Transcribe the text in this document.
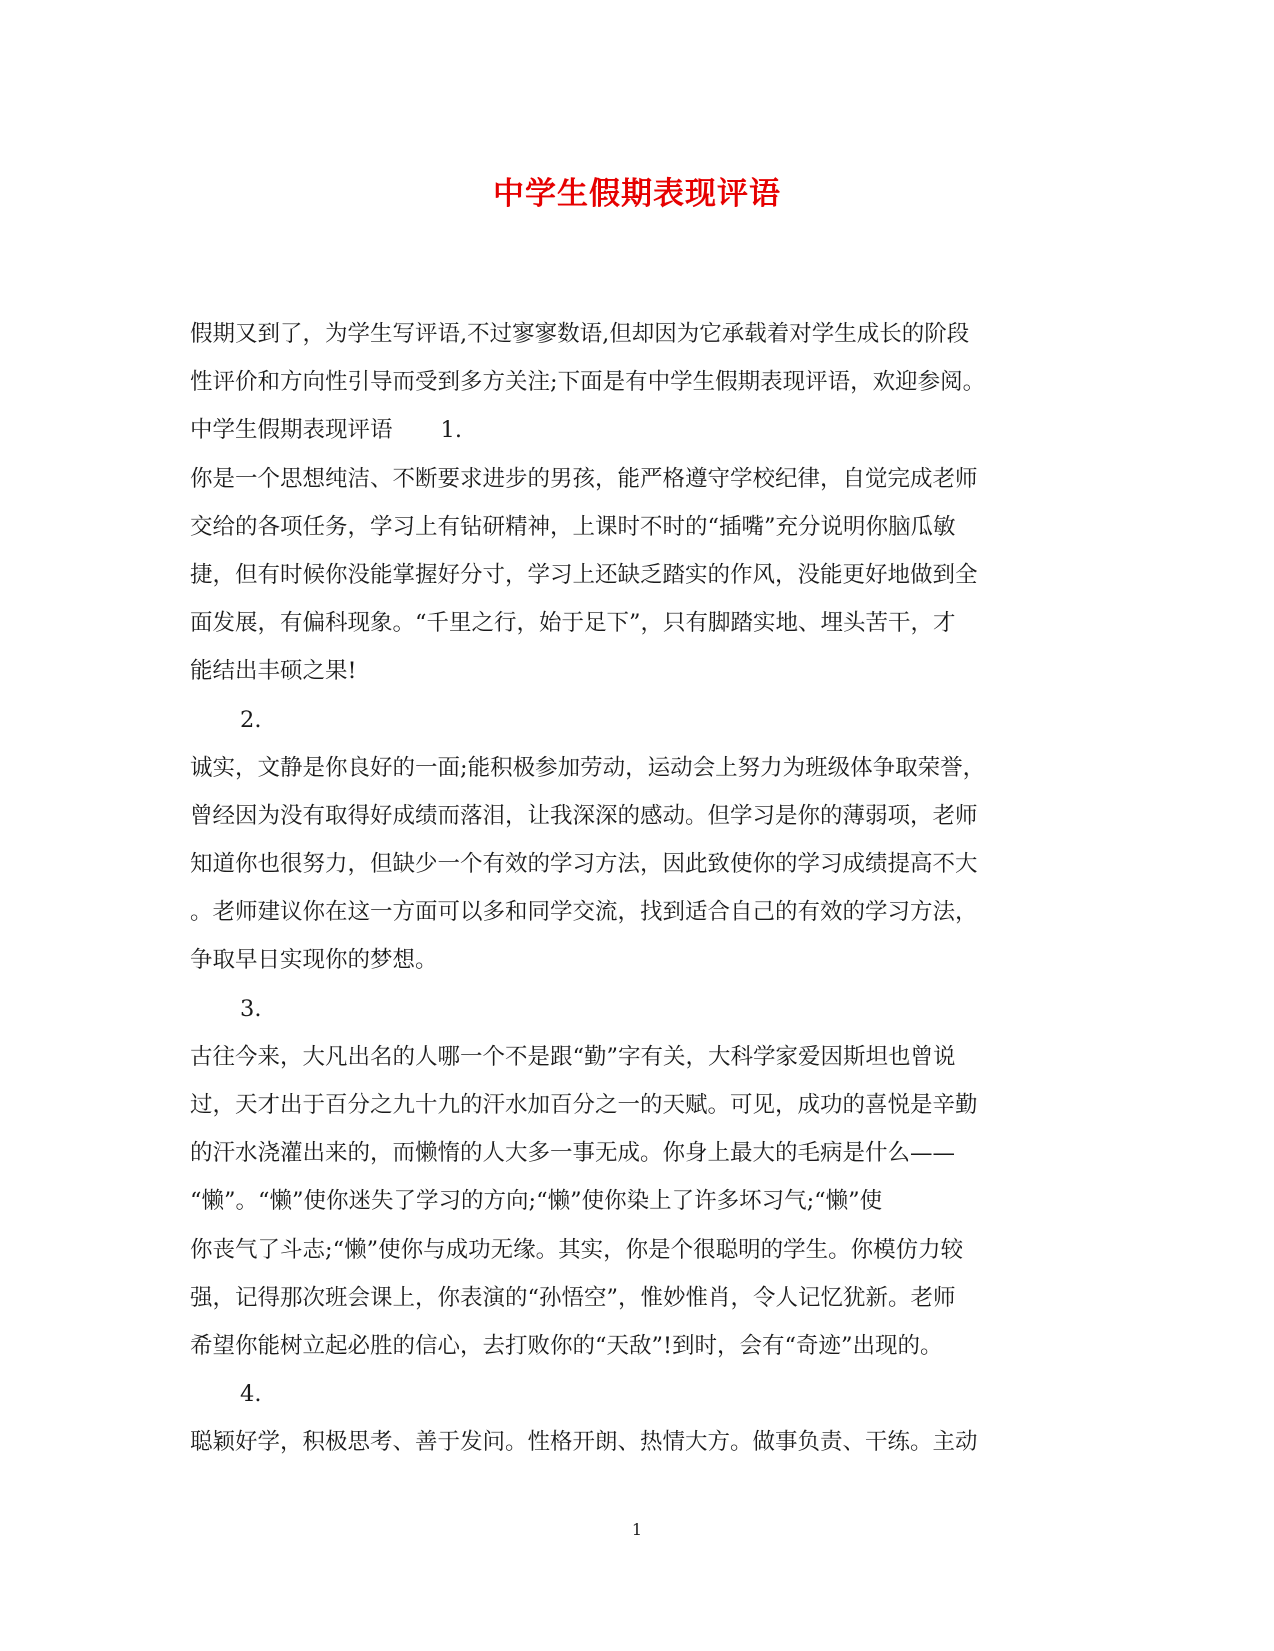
中学生假期表现评语
假期又到了，为学生写评语,不过寥寥数语,但却因为它承载着对学生成长的阶段
性评价和方向性引导而受到多方关注;下面是有中学生假期表现评语，欢迎参阅。
中学生假期表现评语 1.
你是一个思想纯洁、不断要求进步的男孩，能严格遵守学校纪律，自觉完成老师
交给的各项任务，学习上有钻研精神，上课时不时的“插嘴”充分说明你脑瓜敏
捷，但有时候你没能掌握好分寸，学习上还缺乏踏实的作风，没能更好地做到全
面发展，有偏科现象。“千里之行，始于足下”，只有脚踏实地、埋头苦干，才
能结出丰硕之果!
2.
诚实，文静是你良好的一面;能积极参加劳动，运动会上努力为班级体争取荣誉，
曾经因为没有取得好成绩而落泪，让我深深的感动。但学习是你的薄弱项，老师
知道你也很努力，但缺少一个有效的学习方法，因此致使你的学习成绩提高不大
。老师建议你在这一方面可以多和同学交流，找到适合自己的有效的学习方法，
争取早日实现你的梦想。
3.
古往今来，大凡出名的人哪一个不是跟“勤”字有关，大科学家爱因斯坦也曾说
过，天才出于百分之九十九的汗水加百分之一的天赋。可见，成功的喜悦是辛勤
的汗水浇灌出来的，而懒惰的人大多一事无成。你身上最大的毛病是什么——
“懒”。“懒”使你迷失了学习的方向;“懒”使你染上了许多坏习气;“懒”使
你丧气了斗志;“懒”使你与成功无缘。其实，你是个很聪明的学生。你模仿力较
强，记得那次班会课上，你表演的“孙悟空”，惟妙惟肖，令人记忆犹新。老师
希望你能树立起必胜的信心，去打败你的“天敌”!到时，会有“奇迹”出现的。
4.
聪颖好学，积极思考、善于发问。性格开朗、热情大方。做事负责、干练。主动
1
